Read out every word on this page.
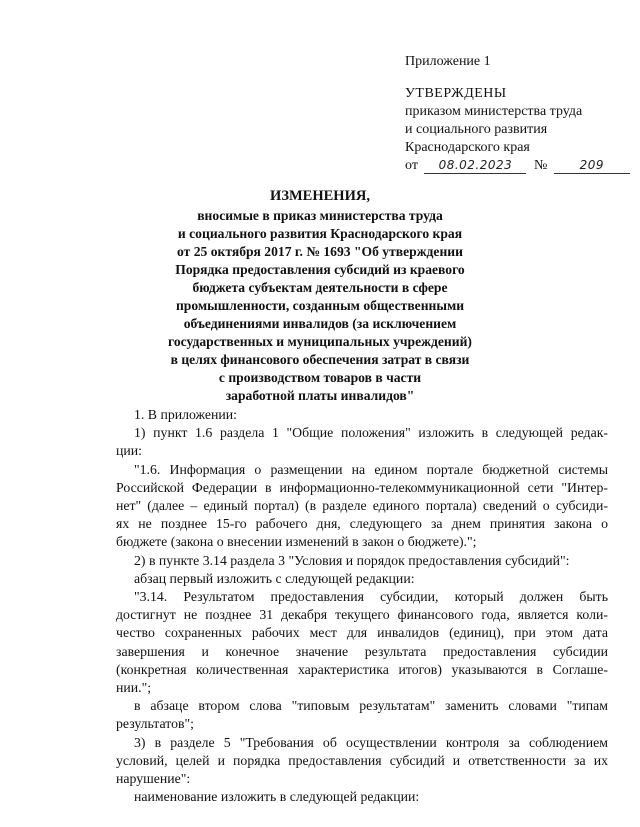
Приложение 1
УТВЕРЖДЕНЫ
приказом министерства труда
и социального развития
Краснодарского края
от 08.02.2023 №	209
ИЗМЕНЕНИЯ,
вносимые в приказ министерства труда
и социального развития Краснодарского края
от 25 октября 2017 г. № 1693 "Об утверждении
Порядка предоставления субсидий из краевого
бюджета субъектам деятельности в сфере
промышленности, созданным общественными
объединениями инвалидов (за исключением
государственных и муниципальных учреждений)
в целях финансового обеспечения затрат в связи
с производством товаров в части
заработной платы инвалидов"
1. В приложении:
1) пункт 1.6 раздела 1 "Общие положения" изложить в следующей редак-
ции:
"1.6. Информация о размещении на едином портале бюджетной системы
Российской Федерации в информационно-телекоммуникационной сети "Интер-
нет" (далее – единый портал) (в разделе единого портала) сведений о субсиди-
ях не позднее 15-го рабочего дня, следующего за днем принятия закона о
бюджете (закона о внесении изменений в закон о бюджете).";
2) в пункте 3.14 раздела 3 "Условия и порядок предоставления субсидий":
абзац первый изложить с следующей редакции:
"3.14. Результатом предоставления субсидии, который должен быть
достигнут не позднее 31 декабря текущего финансового года, является коли-
чество сохраненных рабочих мест для инвалидов (единиц), при этом дата
завершения и конечное значение результата предоставления субсидии
(конкретная количественная характеристика итогов) указываются в Соглаше-
нии.";
в абзаце втором слова "типовым результатам" заменить словами "типам
результатов";
3) в разделе 5 "Требования об осуществлении контроля за соблюдением
условий, целей и порядка предоставления субсидий и ответственности за их
нарушение":
наименование изложить в следующей редакции:
